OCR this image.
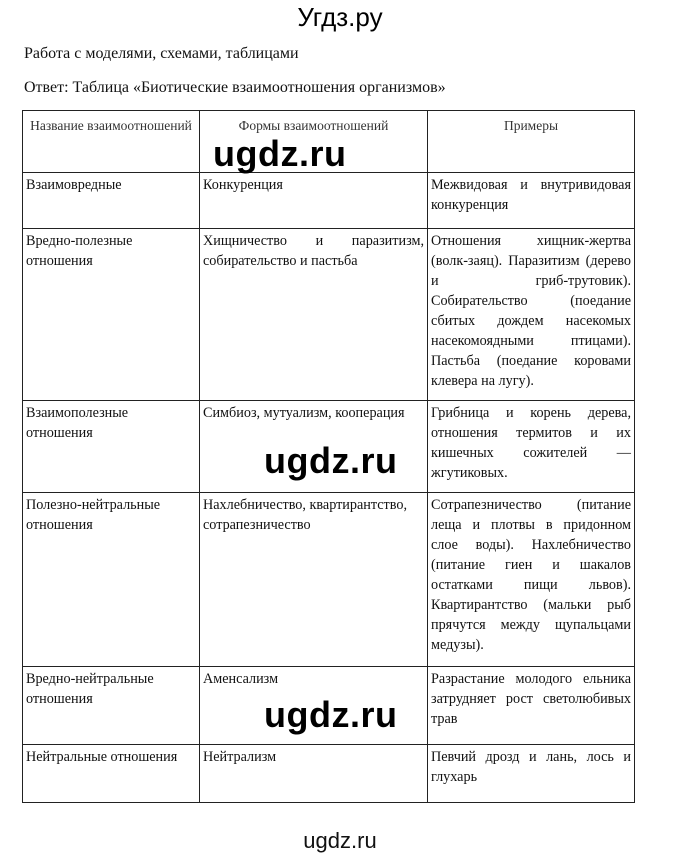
Угдз.ру
Работа с моделями, схемами, таблицами
Ответ: Таблица «Биотические взаимоотношения организмов»
Название взаимоотношений	Формы взаимоотношений	Примеры
Взаимовредные	Конкуренция	Межвидовая и внутривидовая конкуренция
Вредно-полезные отношения	Хищничество и паразитизм, собирательство и пастьба	Отношения хищник-жертва (волк-заяц). Паразитизм (дерево и гриб-трутовик). Собирательство (поедание сбитых дождем насекомых насекомоядными птицами). Пастьба (поедание коровами клевера на лугу).
Взаимополезные отношения	Симбиоз, мутуализм, кооперация	Грибница и корень дерева, отношения термитов и их кишечных сожителей — жгутиковых.
Полезно-нейтральные отношения	Нахлебничество, квартирантство, сотрапезничество	Сотрапезничество (питание леща и плотвы в придонном слое воды). Нахлебничество (питание гиен и шакалов остатками пищи львов). Квартирантство (мальки рыб прячутся между щупальцами медузы).
Вредно-нейтральные отношения	Аменсализм	Разрастание молодого ельника затрудняет рост светолюбивых трав
Нейтральные отношения	Нейтрализм	Певчий дрозд и лань, лось и глухарь
ugdz.ru
ugdz.ru
ugdz.ru
ugdz.ru
